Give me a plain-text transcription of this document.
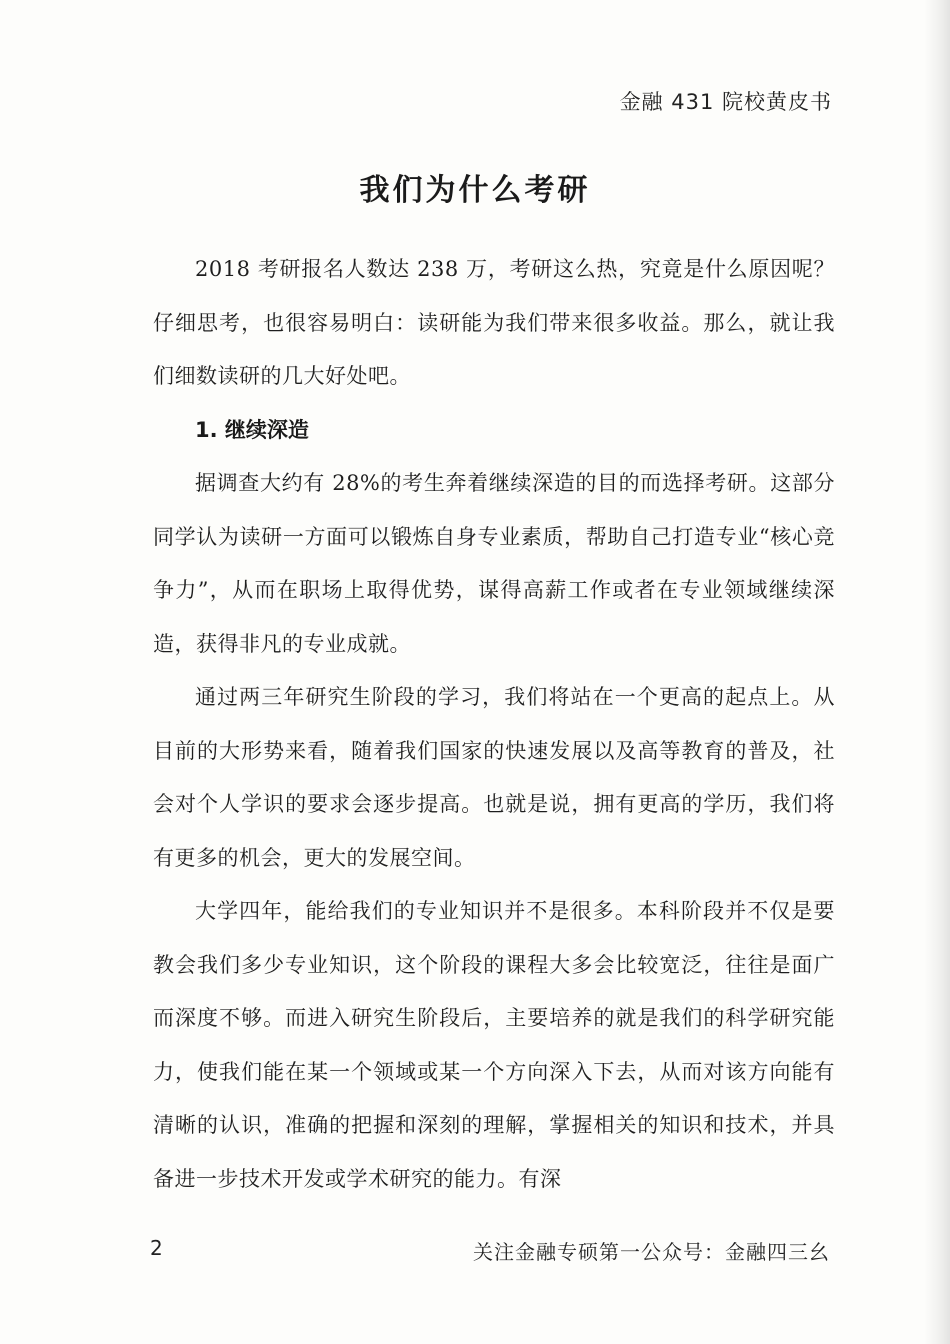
金融 431 院校黄皮书
我们为什么考研

2018 考研报名人数达 238 万，考研这么热，究竟是什么原因呢？仔细思考，也很容易明白：读研能为我们带来很多收益。那么，就让我们细数读研的几大好处吧。

1. 继续深造

据调查大约有 28%的考生奔着继续深造的目的而选择考研。这部分同学认为读研一方面可以锻炼自身专业素质，帮助自己打造专业“核心竞争力”，从而在职场上取得优势，谋得高薪工作或者在专业领域继续深造，获得非凡的专业成就。

通过两三年研究生阶段的学习，我们将站在一个更高的起点上。从目前的大形势来看，随着我们国家的快速发展以及高等教育的普及，社会对个人学识的要求会逐步提高。也就是说，拥有更高的学历，我们将有更多的机会，更大的发展空间。

大学四年，能给我们的专业知识并不是很多。本科阶段并不仅是要教会我们多少专业知识，这个阶段的课程大多会比较宽泛，往往是面广而深度不够。而进入研究生阶段后，主要培养的就是我们的科学研究能力，使我们能在某一个领域或某一个方向深入下去，从而对该方向能有清晰的认识，准确的把握和深刻的理解，掌握相关的知识和技术，并具备进一步技术开发或学术研究的能力。有深

2	关注金融专硕第一公众号：金融四三幺
